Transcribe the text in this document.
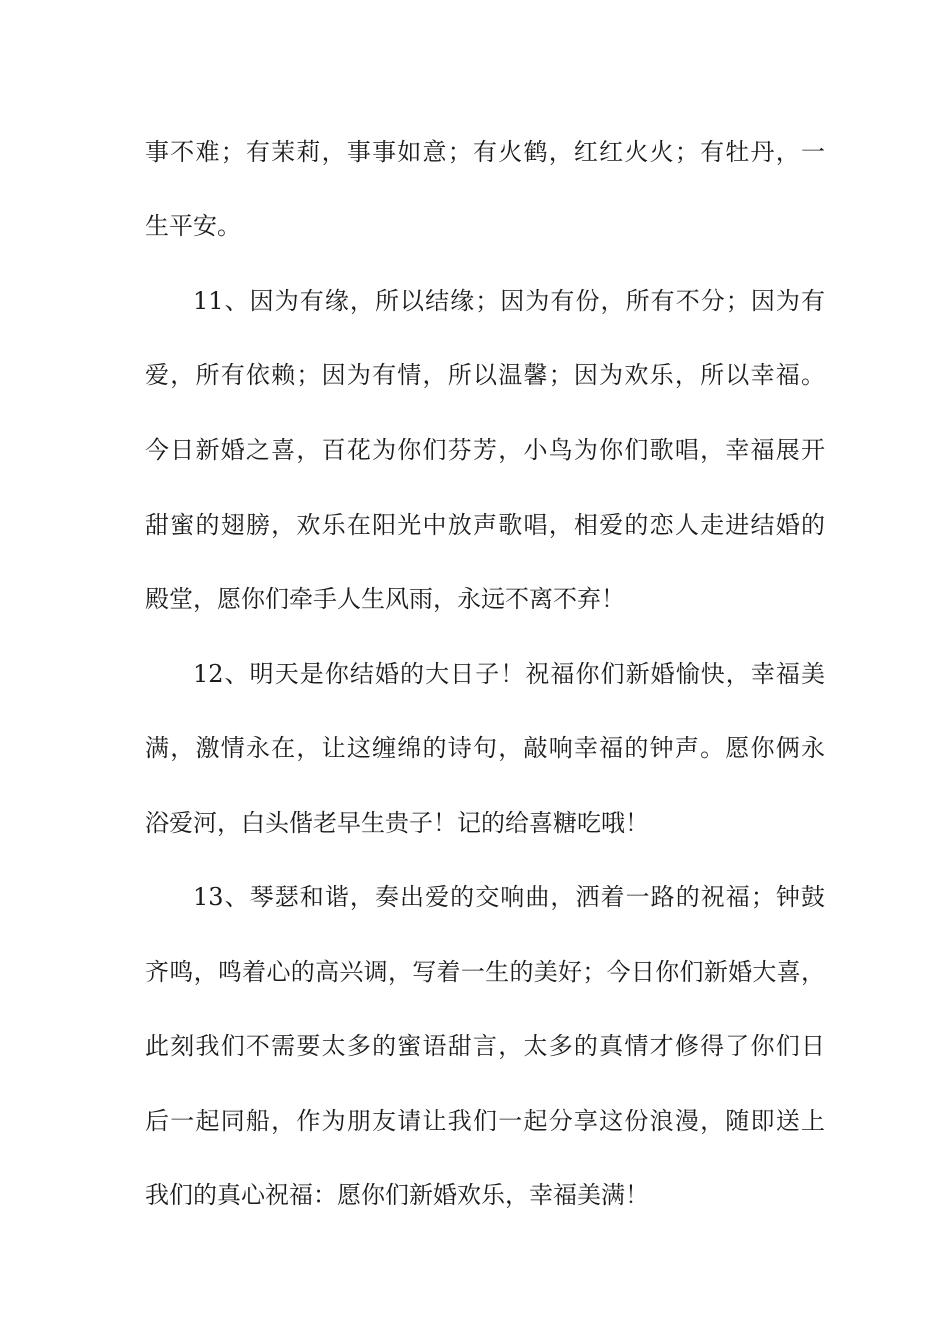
事不难；有茉莉，事事如意；有火鹤，红红火火；有牡丹，一
生平安。
11、因为有缘，所以结缘；因为有份，所有不分；因为有
爱，所有依赖；因为有情，所以温馨；因为欢乐，所以幸福。
今日新婚之喜，百花为你们芬芳，小鸟为你们歌唱，幸福展开
甜蜜的翅膀，欢乐在阳光中放声歌唱，相爱的恋人走进结婚的
殿堂，愿你们牵手人生风雨，永远不离不弃！
12、明天是你结婚的大日子！祝福你们新婚愉快，幸福美
满，激情永在，让这缠绵的诗句，敲响幸福的钟声。愿你俩永
浴爱河，白头偕老早生贵子！记的给喜糖吃哦！
13、琴瑟和谐，奏出爱的交响曲，洒着一路的祝福；钟鼓
齐鸣，鸣着心的高兴调，写着一生的美好；今日你们新婚大喜，
此刻我们不需要太多的蜜语甜言，太多的真情才修得了你们日
后一起同船，作为朋友请让我们一起分享这份浪漫，随即送上
我们的真心祝福：愿你们新婚欢乐，幸福美满！
